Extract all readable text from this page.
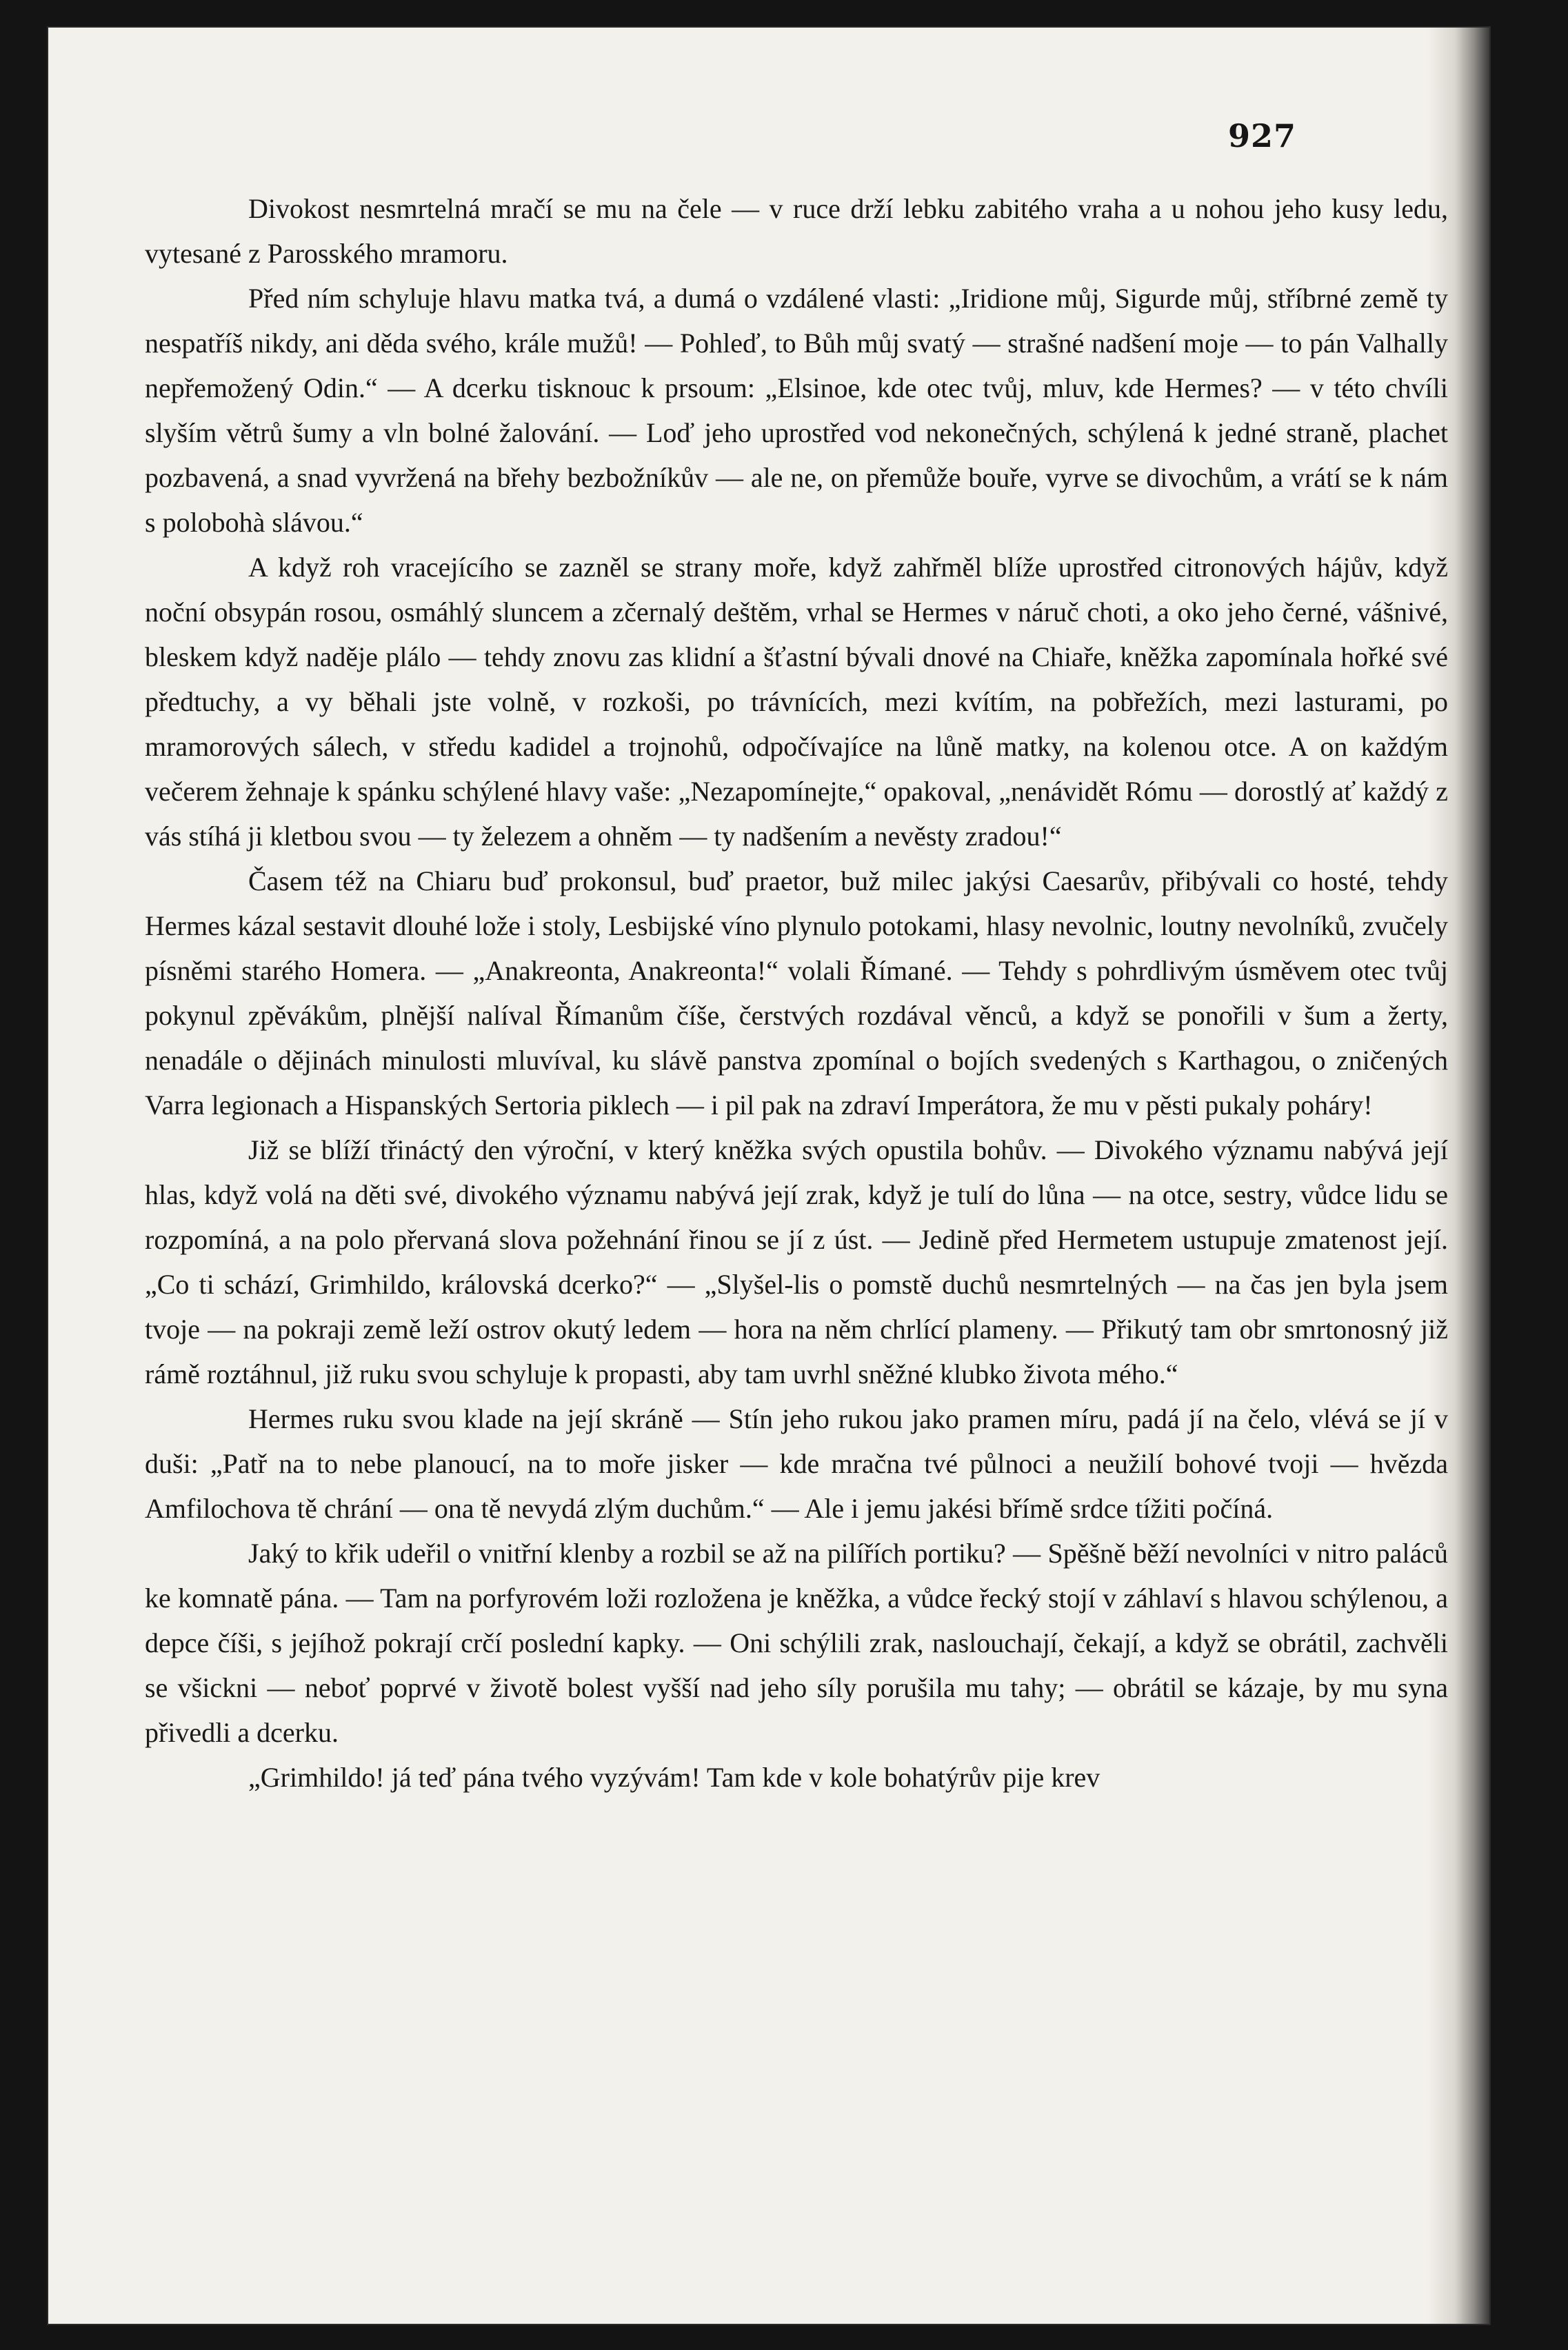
927

Divokost nesmrtelná mračí se mu na čele — v ruce drží lebku zabitého vraha a u nohou jeho kusy ledu, vytesané z Parosského mramoru.

Před ním schyluje hlavu matka tvá, a dumá o vzdálené vlasti: „Iridione můj, Sigurde můj, stříbrné země ty nespatříš nikdy, ani děda svého, krále mužů! — Pohleď, to Bůh můj svatý — strašné nadšení moje — to pán Valhally nepřemožený Odin.“ — A dcerku tisknouc k prsoum: „Elsinoe, kde otec tvůj, mluv, kde Hermes? — v této chvíli slyším větrů šumy a vln bolné žalování. — Loď jeho uprostřed vod nekonečných, schýlená k jedné straně, plachet pozbavená, a snad vyvržená na břehy bezbožníkův — ale ne, on přemůže bouře, vyrve se divochům, a vrátí se k nám s polobohà slávou.“

A když roh vracejícího se zazněl se strany moře, když zahřměl blíže uprostřed citronových hájův, když noční obsypán rosou, osmáhlý sluncem a zčernalý deštěm, vrhal se Hermes v náruč choti, a oko jeho černé, vášnivé, bleskem když naděje plálo — tehdy znovu zas klidní a šťastní bývali dnové na Chiaře, kněžka zapomínala hořké své předtuchy, a vy běhali jste volně, v rozkoši, po trávnících, mezi kvítím, na pobřežích, mezi lasturami, po mramorových sálech, v středu kadidel a trojnohů, odpočívajíce na lůně matky, na kolenou otce. A on každým večerem žehnaje k spánku schýlené hlavy vaše: „Nezapomínejte,“ opakoval, „nenávidět Rómu — dorostlý ať každý z vás stíhá ji kletbou svou — ty železem a ohněm — ty nadšením a nevěsty zradou!“

Časem též na Chiaru buď prokonsul, buď praetor, buž milec jakýsi Caesarův, přibývali co hosté, tehdy Hermes kázal sestavit dlouhé lože i stoly, Lesbijské víno plynulo potokami, hlasy nevolnic, loutny nevolníků, zvučely písněmi starého Homera. — „Anakreonta, Anakreonta!“ volali Římané. — Tehdy s pohrdlivým úsměvem otec tvůj pokynul zpěvákům, plnější nalíval Římanům číše, čerstvých rozdával věnců, a když se ponořili v šum a žerty, nenadále o dějinách minulosti mluvíval, ku slávě panstva zpomínal o bojích svedených s Karthagou, o zničených Varra legionach a Hispanských Sertoria piklech — i pil pak na zdraví Imperátora, že mu v pěsti pukaly poháry!

Již se blíží třináctý den výroční, v který kněžka svých opustila bohův. — Divokého významu nabývá její hlas, když volá na děti své, divokého významu nabývá její zrak, když je tulí do lůna — na otce, sestry, vůdce lidu se rozpomíná, a na polo přervaná slova požehnání řinou se jí z úst. — Jedině před Hermetem ustupuje zmatenost její. „Co ti schází, Grimhildo, královská dcerko?“ — „Slyšel-lis o pomstě duchů nesmrtelných — na čas jen byla jsem tvoje — na pokraji země leží ostrov okutý ledem — hora na něm chrlící plameny. — Přikutý tam obr smrtonosný již rámě roztáhnul, již ruku svou schyluje k propasti, aby tam uvrhl sněžné klubko života mého.“

Hermes ruku svou klade na její skráně — Stín jeho rukou jako pramen míru, padá jí na čelo, vlévá se jí v duši: „Patř na to nebe planoucí, na to moře jisker — kde mračna tvé půlnoci a neužilí bohové tvoji — hvězda Amfilochova tě chrání — ona tě nevydá zlým duchům.“ — Ale i jemu jakési břímě srdce tížiti počíná.

Jaký to křik udeřil o vnitřní klenby a rozbil se až na pilířích portiku? — Spěšně běží nevolníci v nitro paláců ke komnatě pána. — Tam na porfyrovém loži rozložena je kněžka, a vůdce řecký stojí v záhlaví s hlavou schýlenou, a depce číši, s jejíhož pokrají crčí poslední kapky. — Oni schýlili zrak, naslouchají, čekají, a když se obrátil, zachvěli se všickni — neboť poprvé v životě bolest vyšší nad jeho síly porušila mu tahy; — obrátil se kázaje, by mu syna přivedli a dcerku.

„Grimhildo! já teď pána tvého vyzývám! Tam kde v kole bohatýrův pije krev
